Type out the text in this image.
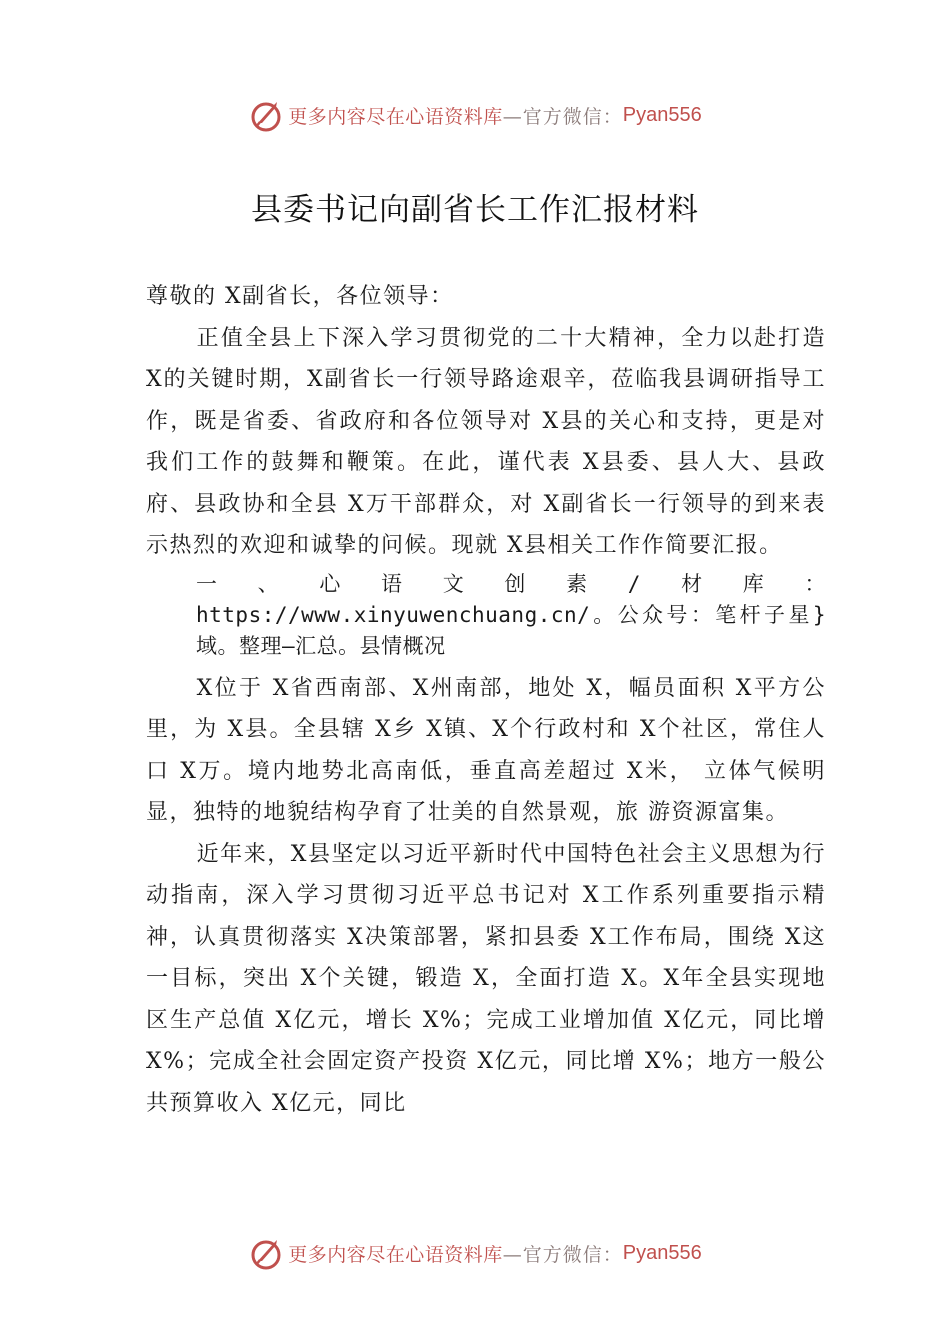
更多内容尽在心语资料库 —官方微信： Pyan556
县委书记向副省长工作汇报材料

尊敬的 X副省长，各位领导：

正值全县上下深入学习贯彻党的二十大精神，全力以赴打造 X的关键时期，X副省长一行领导路途艰辛，莅临我县调研指导工作，既是省委、省政府和各位领导对 X县的关心和支持，更是对我们工作的鼓舞和鞭策。在此，谨代表 X县委、县人大、县政府、县政协和全县 X万干部群众，对 X副省长一行领导的到来表示热烈的欢迎和诚挚的问候。现就 X县相关工作作简要汇报。

一、心语文创素/材库：https://www.xinyuwenchuang.cn/。公众号：笔杆子星}域。整理—汇总。县情概况

X位于 X省西南部、X州南部，地处 X，幅员面积 X平方公里，为 X县。全县辖 X乡 X镇、X个行政村和 X个社区，常住人口 X万。境内地势北高南低，垂直高差超过 X米， 立体气候明显，独特的地貌结构孕育了壮美的自然景观，旅 游资源富集。

近年来，X县坚定以习近平新时代中国特色社会主义思想为行动指南，深入学习贯彻习近平总书记对 X工作系列重要指示精神，认真贯彻落实 X决策部署，紧扣县委 X工作布局，围绕 X这一目标，突出 X个关键，锻造 X，全面打造 X。X年全县实现地区生产总值 X亿元，增长 X%；完成工业增加值 X亿元，同比增 X%；完成全社会固定资产投资 X亿元，同比增 X%；地方一般公共预算收入 X亿元，同比

更多内容尽在心语资料库 —官方微信： Pyan556
